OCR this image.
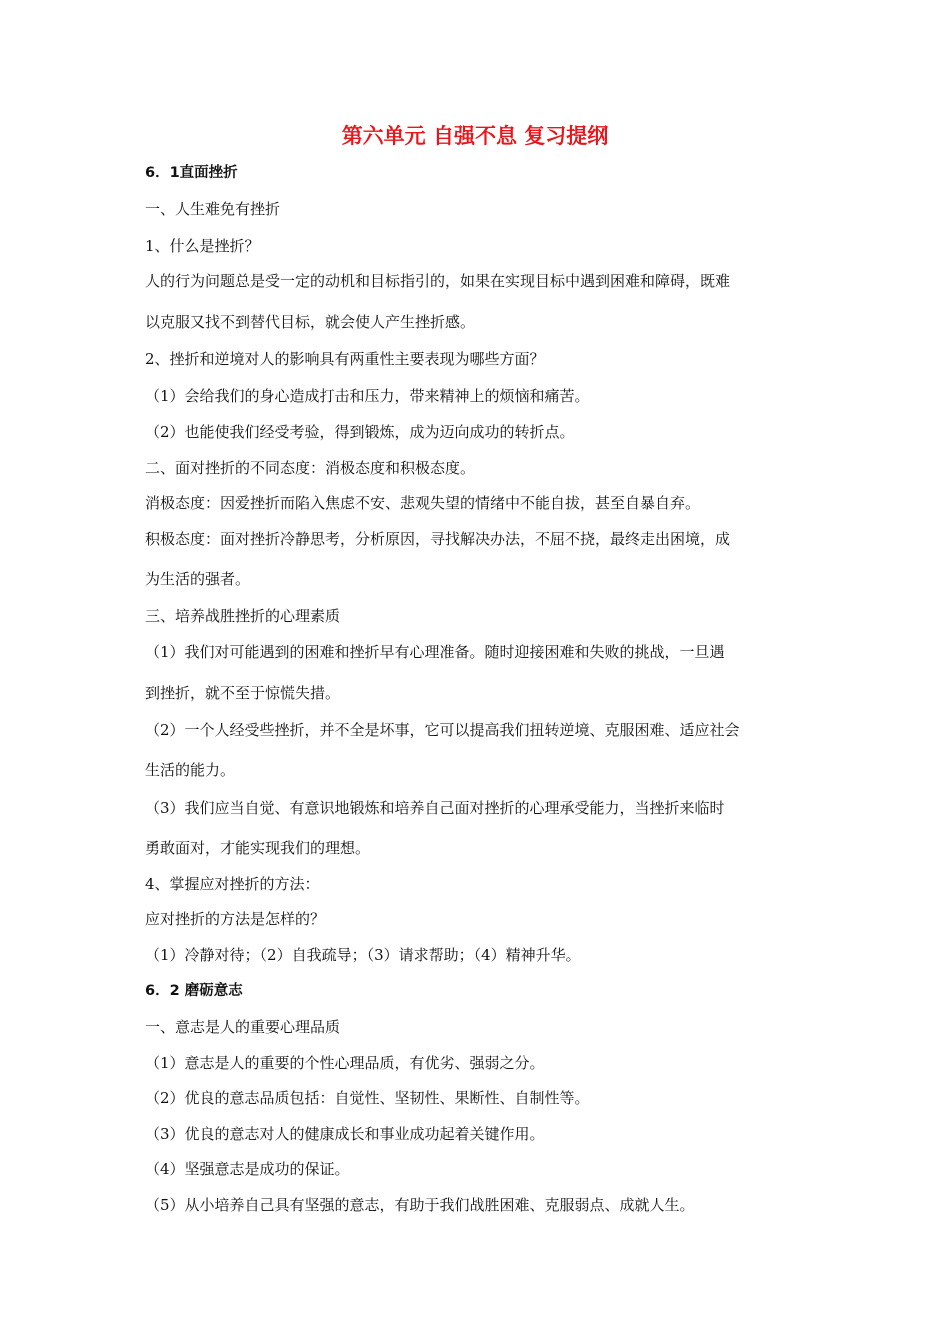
第六单元 自强不息 复习提纲

6．1直面挫折

一、人生难免有挫折

1、什么是挫折？

人的行为问题总是受一定的动机和目标指引的，如果在实现目标中遇到困难和障碍，既难

以克服又找不到替代目标，就会使人产生挫折感。

2、挫折和逆境对人的影响具有两重性主要表现为哪些方面？

（1）会给我们的身心造成打击和压力，带来精神上的烦恼和痛苦。

（2）也能使我们经受考验，得到锻炼，成为迈向成功的转折点。

二、面对挫折的不同态度：消极态度和积极态度。

消极态度：因爱挫折而陷入焦虑不安、悲观失望的情绪中不能自拔，甚至自暴自弃。

积极态度：面对挫折冷静思考，分析原因，寻找解决办法，不屈不挠，最终走出困境，成

为生活的强者。

三、培养战胜挫折的心理素质

（1）我们对可能遇到的困难和挫折早有心理准备。随时迎接困难和失败的挑战，一旦遇

到挫折，就不至于惊慌失措。

（2）一个人经受些挫折，并不全是坏事，它可以提高我们扭转逆境、克服困难、适应社会

生活的能力。

（3）我们应当自觉、有意识地锻炼和培养自己面对挫折的心理承受能力，当挫折来临时

勇敢面对，才能实现我们的理想。

4、掌握应对挫折的方法：

应对挫折的方法是怎样的？

（1）冷静对待；（2）自我疏导；（3）请求帮助；（4）精神升华。

6．2 磨砺意志

一、意志是人的重要心理品质

（1）意志是人的重要的个性心理品质，有优劣、强弱之分。

（2）优良的意志品质包括：自觉性、坚韧性、果断性、自制性等。

（3）优良的意志对人的健康成长和事业成功起着关键作用。

（4）坚强意志是成功的保证。

（5）从小培养自己具有坚强的意志，有助于我们战胜困难、克服弱点、成就人生。
